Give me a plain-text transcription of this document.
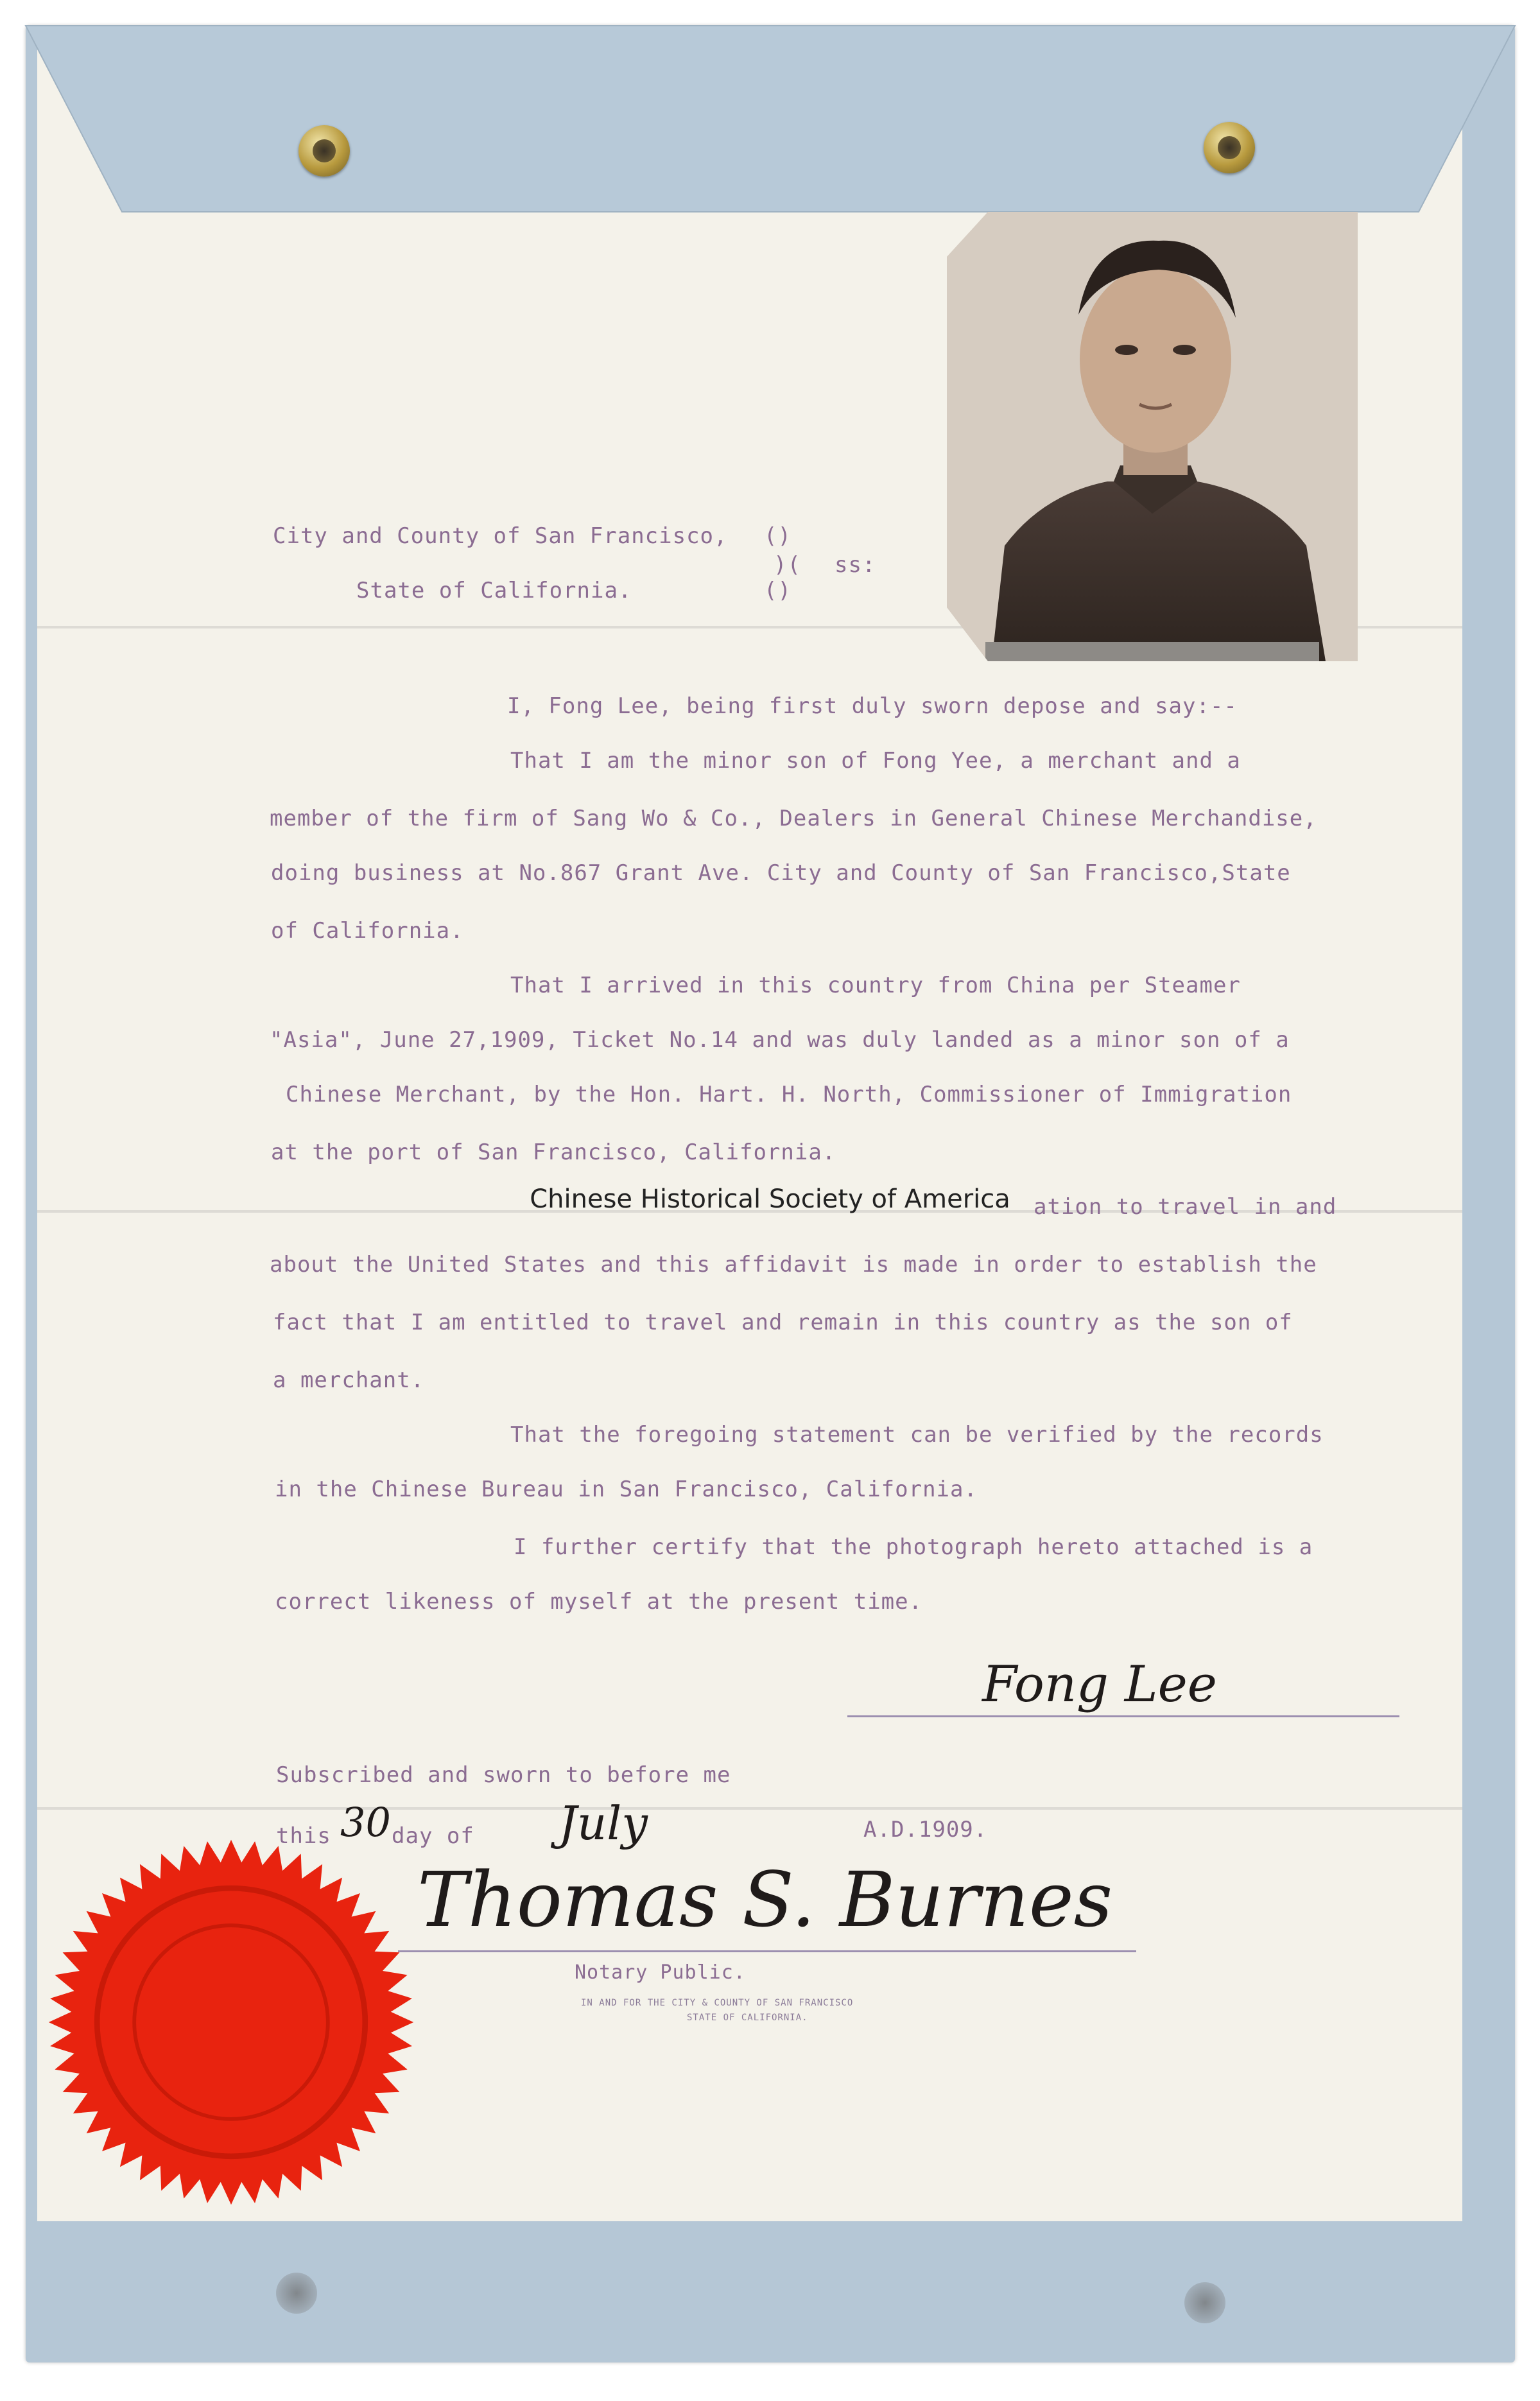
City and County of San Francisco,
State of California.
()
)(
()
ss:
I, Fong Lee, being first duly sworn depose and say:--
That I am the minor son of Fong Yee, a merchant and a
member of the firm of Sang Wo & Co., Dealers in General Chinese Merchandise,
doing business at No.867 Grant Ave. City and County of San Francisco,State
of California.
That I arrived in this country from China per Steamer
"Asia", June 27,1909, Ticket No.14 and was duly landed as a minor son of a
Chinese Merchant, by the Hon. Hart. H. North, Commissioner of Immigration
at the port of San Francisco, California.
ation to travel in and
about the United States and this affidavit is made in order to establish the
fact that I am entitled to travel and remain in this country as the son of
a merchant.
That the foregoing statement can be verified by the records
in the Chinese Bureau in San Francisco, California.
I further certify that the photograph hereto attached is a
correct likeness of myself at the present time.
Chinese Historical Society of America
Fong Lee
Subscribed and sworn to before me
this 30 day of July	A.D.1909.
Thomas S. Burnes
Notary Public.
IN AND FOR THE CITY & COUNTY OF SAN FRANCISCO
STATE OF CALIFORNIA.
